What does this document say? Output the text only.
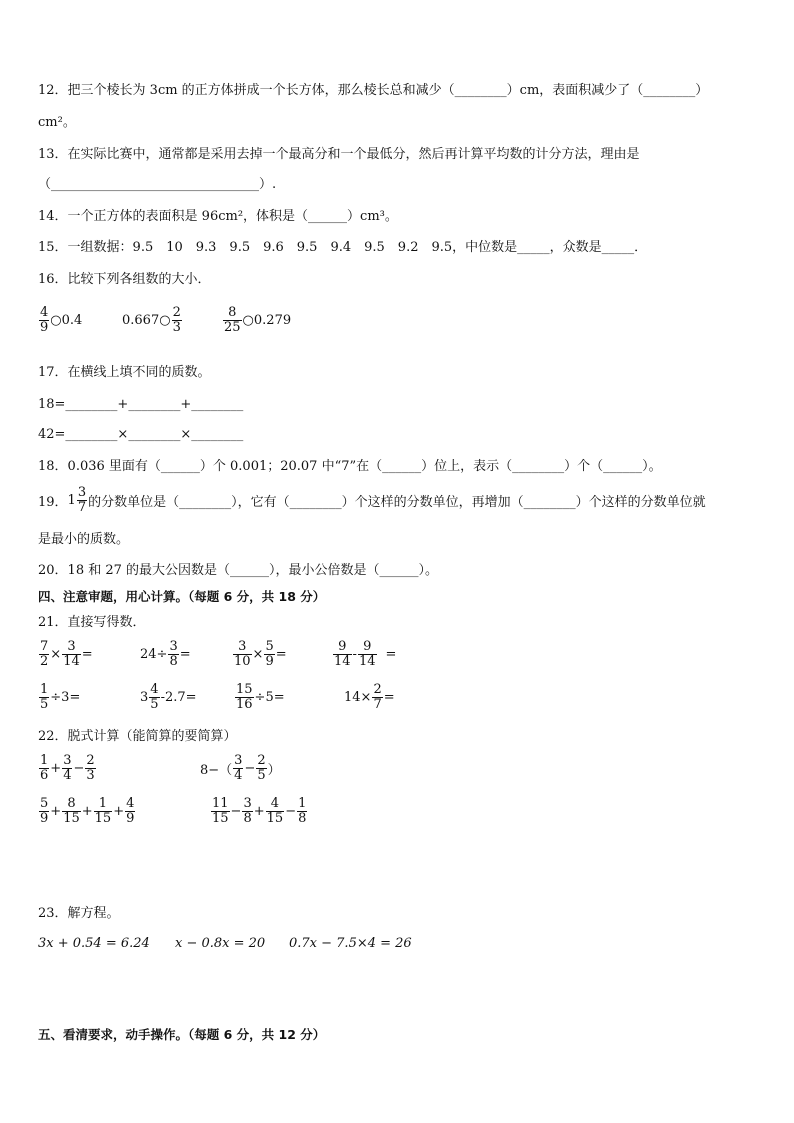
12．把三个棱长为 3cm 的正方体拼成一个长方体，那么棱长总和减少（________）cm，表面积减少了（________）
cm²。
13．在实际比赛中，通常都是采用去掉一个最高分和一个最低分，然后再计算平均数的计分方法，理由是
（________________________________）.
14．一个正方体的表面积是 96cm²，体积是（______）cm³。
15．一组数据：9.5　10　9.3　9.5　9.6　9.5　9.4　9.5　9.2　9.5，中位数是_____，众数是_____．
16．比较下列各组数的大小．
$\frac{4}{9}$ ○0.4	0.667○ $\frac{2}{3}$	$\frac{8}{25}$ ○0.279
17．在横线上填不同的质数。
18=________+________+________
42=________×________×________
18．0.036 里面有（______）个 0.001；20.07 中“7”在（______）位上，表示（________）个（______）。
19． $1 \frac{3}{7}$ 的分数单位是（________），它有（________）个这样的分数单位，再增加（________）个这样的分数单位就
是最小的质数。
20．18 和 27 的最大公因数是（______），最小公倍数是（______）。
四、注意审题，用心计算。（每题 6 分，共 18 分）
21．直接写得数．
$\frac{7}{2} \times \frac{3}{14}$ =	$24\div \frac{3}{8}$ =	$\frac{3}{10} \times \frac{5}{9}$ =	$\frac{9}{14} - \frac{9}{14}$ =
$\frac{1}{5} \div 3=$	$3 \frac{4}{5} -2.7=$	$\frac{15}{16} \div 5=$	$14\times \frac{2}{7}$ =
22．脱式计算（能简算的要简算）
$\frac{1}{6} + \frac{3}{4} - \frac{2}{3}$	$8-( \frac{3}{4} - \frac{2}{5}$ ）
$\frac{5}{9} + \frac{8}{15} + \frac{1}{15} + \frac{4}{9}$	$\frac{11}{15} - \frac{3}{8} + \frac{4}{15} - \frac{1}{8}$
23．解方程。
3x + 0.54 = 6.24 x − 0.8x = 20 0.7x − 7.5×4 = 26
五、看清要求，动手操作。（每题 6 分，共 12 分）
